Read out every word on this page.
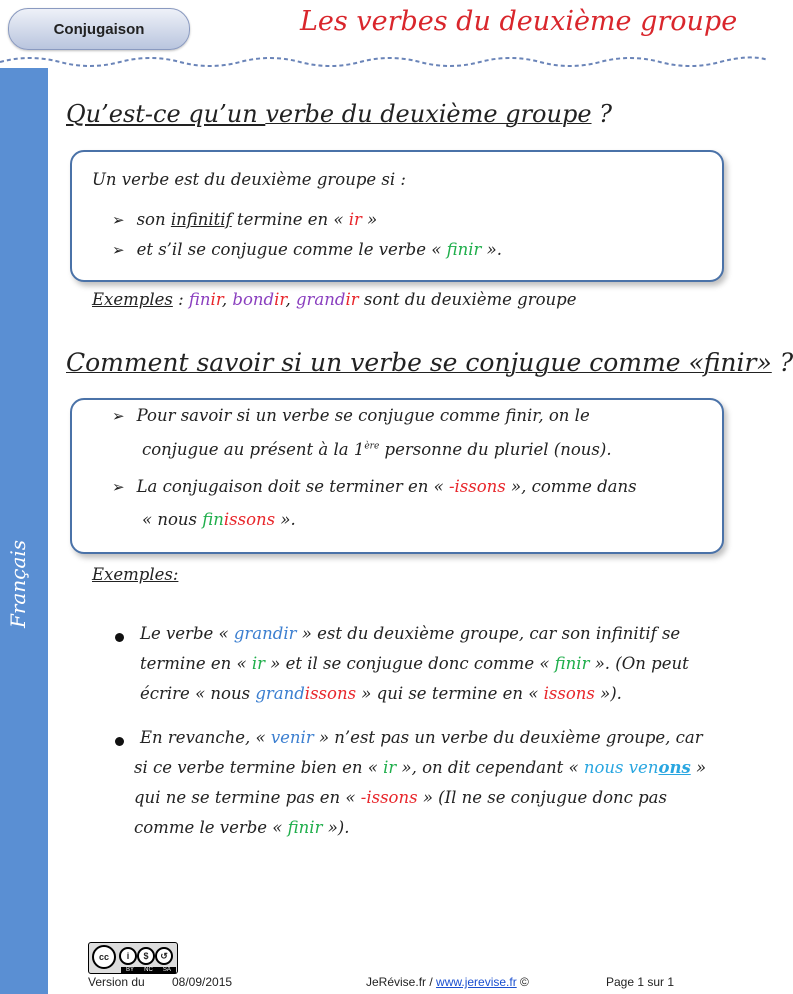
Conjugaison	Les verbes du deuxième groupe
Français
Qu’est-ce qu’un verbe du deuxième groupe ?
Un verbe est du deuxième groupe si :
➢ son infinitif termine en « ir »
➢ et s’il se conjugue comme le verbe « finir ».
Exemples : finir, bondir, grandir sont du deuxième groupe
Comment savoir si un verbe se conjugue comme «finir» ?
➢ Pour savoir si un verbe se conjugue comme finir, on le
conjugue au présent à la 1ère personne du pluriel (nous).
➢ La conjugaison doit se terminer en « -issons », comme dans
« nous finissons ».
Exemples:
Le verbe « grandir » est du deuxième groupe, car son infinitif se
termine en « ir » et il se conjugue donc comme « finir ». (On peut
écrire « nous grandissons » qui se termine en « issons »).
En revanche, « venir » n’est pas un verbe du deuxième groupe, car
si ce verbe termine bien en « ir », on dit cependant « nous venons »
qui ne se termine pas en « -issons » (Il ne se conjugue donc pas
comme le verbe « finir »).
cc	i	$	↺
BY NC SA
Version du 08/09/2015	JeRévise.fr / www.jerevise.fr ©	Page 1 sur 1
